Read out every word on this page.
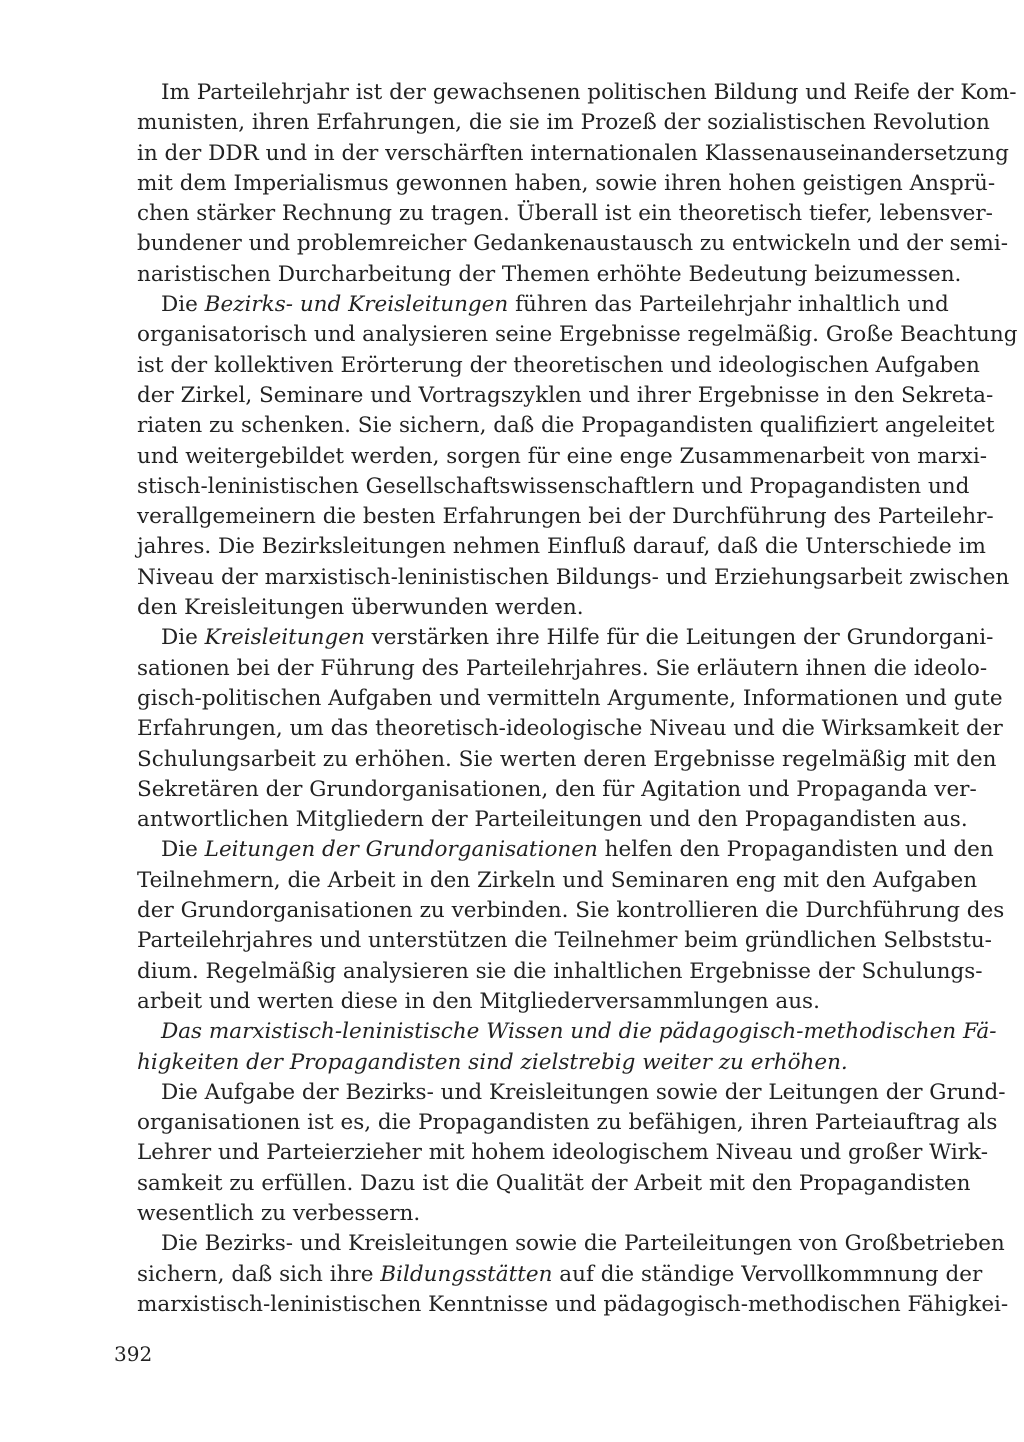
Im Parteilehrjahr ist der gewachsenen politischen Bildung und Reife der Kom-
munisten, ihren Erfahrungen, die sie im Prozeß der sozialistischen Revolution
in der DDR und in der verschärften internationalen Klassenauseinandersetzung
mit dem Imperialismus gewonnen haben, sowie ihren hohen geistigen Ansprü-
chen stärker Rechnung zu tragen. Überall ist ein theoretisch tiefer, lebensver-
bundener und problemreicher Gedankenaustausch zu entwickeln und der semi-
naristischen Durcharbeitung der Themen erhöhte Bedeutung beizumessen.

Die Bezirks- und Kreisleitungen führen das Parteilehrjahr inhaltlich und
organisatorisch und analysieren seine Ergebnisse regelmäßig. Große Beachtung
ist der kollektiven Erörterung der theoretischen und ideologischen Aufgaben
der Zirkel, Seminare und Vortragszyklen und ihrer Ergebnisse in den Sekreta-
riaten zu schenken. Sie sichern, daß die Propagandisten qualifiziert angeleitet
und weitergebildet werden, sorgen für eine enge Zusammenarbeit von marxi-
stisch-leninistischen Gesellschaftswissenschaftlern und Propagandisten und
verallgemeinern die besten Erfahrungen bei der Durchführung des Parteilehr-
jahres. Die Bezirksleitungen nehmen Einfluß darauf, daß die Unterschiede im
Niveau der marxistisch-leninistischen Bildungs- und Erziehungsarbeit zwischen
den Kreisleitungen überwunden werden.

Die Kreisleitungen verstärken ihre Hilfe für die Leitungen der Grundorgani-
sationen bei der Führung des Parteilehrjahres. Sie erläutern ihnen die ideolo-
gisch-politischen Aufgaben und vermitteln Argumente, Informationen und gute
Erfahrungen, um das theoretisch-ideologische Niveau und die Wirksamkeit der
Schulungsarbeit zu erhöhen. Sie werten deren Ergebnisse regelmäßig mit den
Sekretären der Grundorganisationen, den für Agitation und Propaganda ver-
antwortlichen Mitgliedern der Parteileitungen und den Propagandisten aus.

Die Leitungen der Grundorganisationen helfen den Propagandisten und den
Teilnehmern, die Arbeit in den Zirkeln und Seminaren eng mit den Aufgaben
der Grundorganisationen zu verbinden. Sie kontrollieren die Durchführung des
Parteilehrjahres und unterstützen die Teilnehmer beim gründlichen Selbststu-
dium. Regelmäßig analysieren sie die inhaltlichen Ergebnisse der Schulungs-
arbeit und werten diese in den Mitgliederversammlungen aus.

Das marxistisch-leninistische Wissen und die pädagogisch-methodischen Fä-
higkeiten der Propagandisten sind zielstrebig weiter zu erhöhen.

Die Aufgabe der Bezirks- und Kreisleitungen sowie der Leitungen der Grund-
organisationen ist es, die Propagandisten zu befähigen, ihren Parteiauftrag als
Lehrer und Parteierzieher mit hohem ideologischem Niveau und großer Wirk-
samkeit zu erfüllen. Dazu ist die Qualität der Arbeit mit den Propagandisten
wesentlich zu verbessern.

Die Bezirks- und Kreisleitungen sowie die Parteileitungen von Großbetrieben
sichern, daß sich ihre Bildungsstätten auf die ständige Vervollkommnung der
marxistisch-leninistischen Kenntnisse und pädagogisch-methodischen Fähigkei-

392
